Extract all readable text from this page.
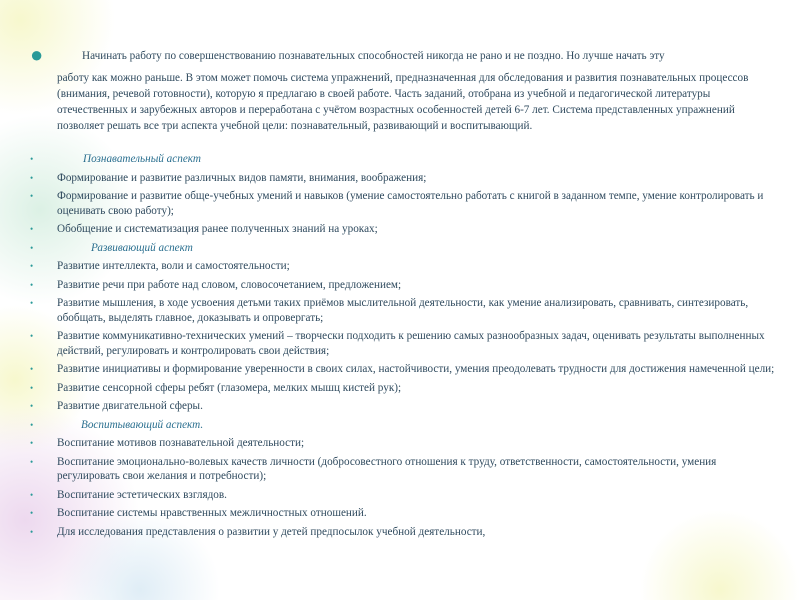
●	Начинать работу по совершенствованию познавательных способностей никогда не рано и не поздно. Но лучше начать эту

работу как можно раньше. В этом может помочь система упражнений, предназначенная для обследования и развития познавательных процессов (внимания, речевой готовности), которую я предлагаю в своей работе. Часть заданий, отобрана из учебной и педагогической литературы отечественных и зарубежных авторов и переработана с учётом возрастных особенностей детей 6-7 лет. Система представленных упражнений позволяет решать все три аспекта учебной цели: познавательный, развивающий и воспитывающий.

•	Познавательный аспект
• Формирование и развитие различных видов памяти, внимания, воображения;
• Формирование и развитие обще-учебных умений и навыков (умение самостоятельно работать с книгой в заданном темпе, умение контролировать и оценивать свою работу);
• Обобщение и систематизация ранее полученных знаний на уроках;
•	Развивающий аспект
• Развитие интеллекта, воли и самостоятельности;
• Развитие речи при работе над словом, словосочетанием, предложением;
• Развитие мышления, в ходе усвоения детьми таких приёмов мыслительной деятельности, как умение анализировать, сравнивать, синтезировать, обобщать, выделять главное, доказывать и опровергать;
• Развитие коммуникативно-технических умений – творчески подходить к решению самых разнообразных задач, оценивать результаты выполненных действий, регулировать и контролировать свои действия;
• Развитие инициативы и формирование уверенности в своих силах, настойчивости, умения преодолевать трудности для достижения намеченной цели;
• Развитие сенсорной сферы ребят (глазомера, мелких мышц кистей рук);
• Развитие двигательной сферы.
•	Воспитывающий аспект.
• Воспитание мотивов познавательной деятельности;
• Воспитание эмоционально-волевых качеств личности (добросовестного отношения к труду, ответственности, самостоятельности, умения регулировать свои желания и потребности);
• Воспитание эстетических взглядов.
• Воспитание системы нравственных межличностных отношений.
• Для исследования представления о развитии у детей предпосылок учебной деятельности,
